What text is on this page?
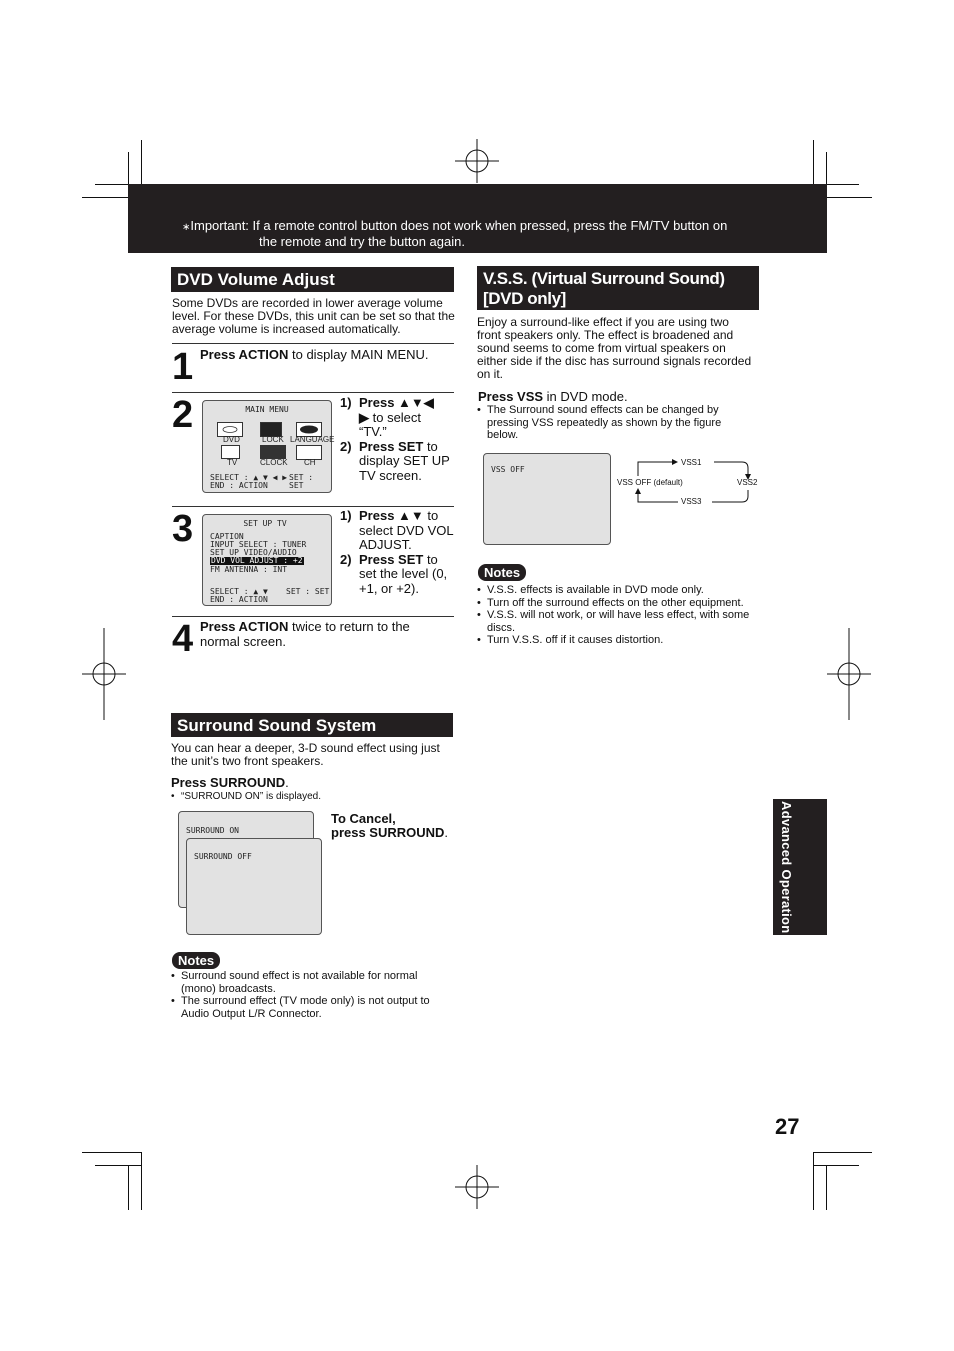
∗Important: If a remote control button does not work when pressed, press the FM/TV button on
the remote and try the button again.
DVD Volume Adjust
Some DVDs are recorded in lower average volume level. For these DVDs, this unit can be set so that the average volume is increased automatically.
1 Press ACTION to display MAIN MENU.
2	MAIN MENU
DVD	LOCK LANGUAGE
TV	CLOCK CH
SELECT : ▲ ▼ ◀ ▶ SET : SET
END : ACTION
1) Press ▲▼◀
▶ to select
“TV.”
2) Press SET to display SET UP TV screen.
3	SET UP TV
CAPTION
INPUT SELECT : TUNER
SET UP VIDEO/AUDIO
DVD VOL ADJUST : +2
FM ANTENNA : INT
SELECT : ▲ ▼ SET : SET
END : ACTION
1) Press ▲▼ to select DVD VOL ADJUST.
2) Press SET to set the level (0, +1, or +2).
4 Press ACTION twice to return to the normal screen.
Surround Sound System
You can hear a deeper, 3-D sound effect using just the unit’s two front speakers.
Press SURROUND.
• “SURROUND ON” is displayed.
SURROUND ON
SURROUND OFF
To Cancel,
press SURROUND.
Notes
• Surround sound effect is not available for normal (mono) broadcasts.
• The surround effect (TV mode only) is not output to Audio Output L/R Connector.
V.S.S. (Virtual Surround Sound)
[DVD only]
Enjoy a surround-like effect if you are using two front speakers only. The effect is broadened and sound seems to come from virtual speakers on either side if the disc has surround signals recorded on it.
Press VSS in DVD mode.
• The Surround sound effects can be changed by pressing VSS repeatedly as shown by the figure below.
VSS OFF
VSS1
VSS OFF (default)	VSS2
VSS3
Notes
• V.S.S. effects is available in DVD mode only.
• Turn off the surround effects on the other equipment.
• V.S.S. will not work, or will have less effect, with some discs.
• Turn V.S.S. off if it causes distortion.
Advanced Operation
27
